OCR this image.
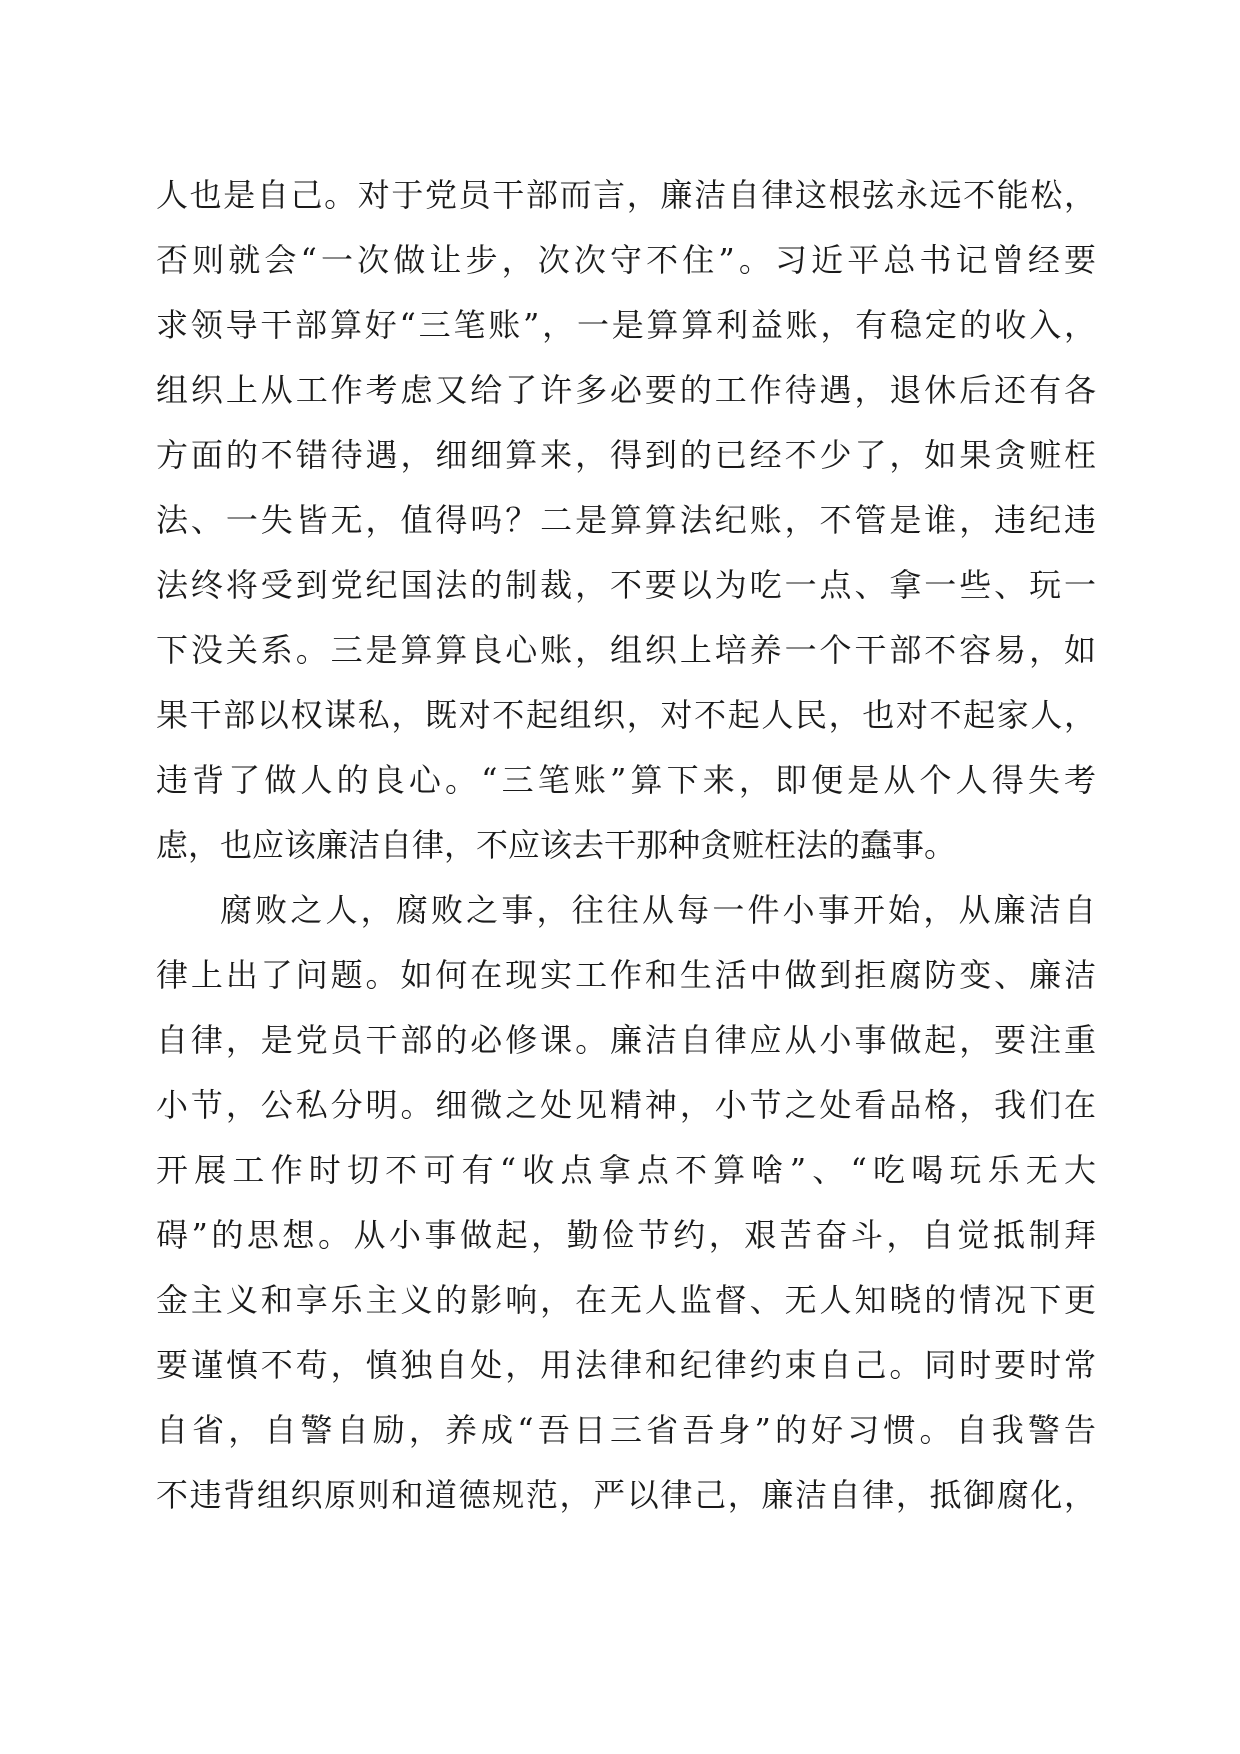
人也是自己。对于党员干部而言，廉洁自律这根弦永远不能松，
否则就会“一次做让步，次次守不住”。习近平总书记曾经要
求领导干部算好“三笔账”，一是算算利益账，有稳定的收入，
组织上从工作考虑又给了许多必要的工作待遇，退休后还有各
方面的不错待遇，细细算来，得到的已经不少了，如果贪赃枉
法、一失皆无，值得吗？二是算算法纪账，不管是谁，违纪违
法终将受到党纪国法的制裁，不要以为吃一点、拿一些、玩一
下没关系。三是算算良心账，组织上培养一个干部不容易，如
果干部以权谋私，既对不起组织，对不起人民，也对不起家人，
违背了做人的良心。“三笔账”算下来，即便是从个人得失考
虑，也应该廉洁自律，不应该去干那种贪赃枉法的蠢事。
腐败之人，腐败之事，往往从每一件小事开始，从廉洁自
律上出了问题。如何在现实工作和生活中做到拒腐防变、廉洁
自律，是党员干部的必修课。廉洁自律应从小事做起，要注重
小节，公私分明。细微之处见精神，小节之处看品格，我们在
开展工作时切不可有“收点拿点不算啥”、“吃喝玩乐无大
碍”的思想。从小事做起，勤俭节约，艰苦奋斗，自觉抵制拜
金主义和享乐主义的影响，在无人监督、无人知晓的情况下更
要谨慎不苟，慎独自处，用法律和纪律约束自己。同时要时常
自省，自警自励，养成“吾日三省吾身”的好习惯。自我警告
不违背组织原则和道德规范，严以律己，廉洁自律，抵御腐化，
